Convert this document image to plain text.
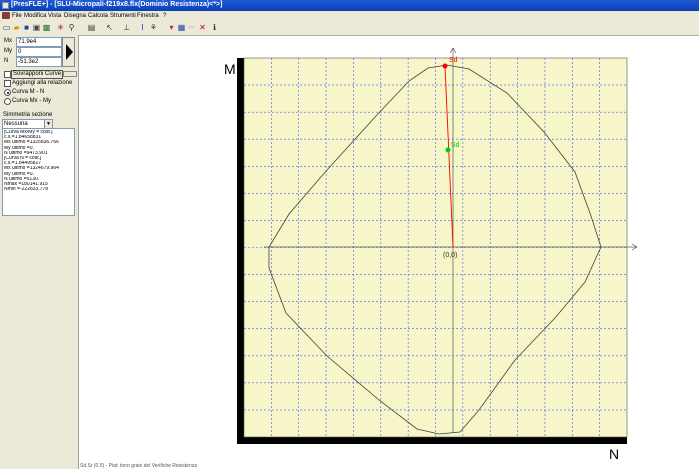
[PresFLE+] - [SLU-Micropali-f219x8.flx(Dominio Resistenza)<*>]
File Modifica Vista Disegna Calcola Strumenti Finestra ?
▭ ▰ ■ ▣ ▩ ✳ ⚲ ▤ ↖ ⊥	I ⚘	▾ ▦ ✂ ✕ ℹ
Mx	71.9e4
My	0
N	-51.3e2
Sovrapponi Curve
Aggiungi alla relazione
Curva M - N
Curva Mx - My
Simmetria sezione
Nessuna	▼
[Curva Mx/My = cost.]
c.s.=1.84658831
Mx ultimo =1325836.766
My ultimo =0.
N ultimo =9473.901
[Curva N = cost.]
c.s.=1.84495817
Mx ultimo =1324679.964
My ultimo =0.
N ultimo =5130.
Nmax =180141.915
Nmin =-222833.778
Sd
Sd
(0,0)
M
N
Sd,Sr (0.5) - Piat: tono grani dei Verifiche Resistenza
